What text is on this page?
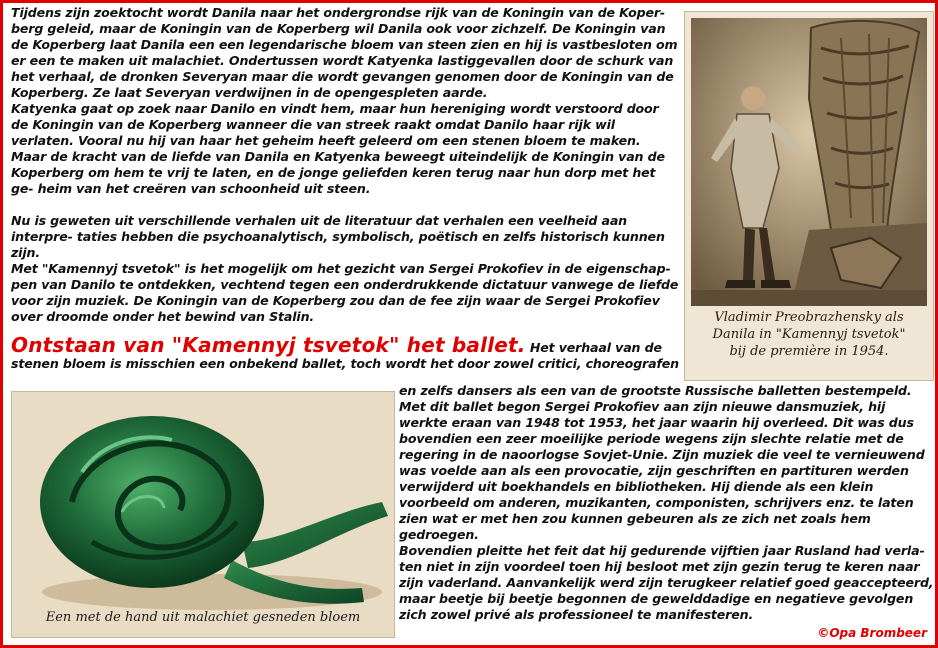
Tijdens zijn zoektocht wordt Danila naar het ondergrondse rijk van de Koningin van de Koper- berg geleid, maar de Koningin van de Koperberg wil Danila ook voor zichzelf. De Koningin van de Koperberg laat Danila een een legendarische bloem van steen zien en hij is vastbesloten om er een te maken uit malachiet. Ondertussen wordt Katyenka lastiggevallen door de schurk van het verhaal, de dronken Severyan maar die wordt gevangen genomen door de Koningin van de Koperberg. Ze laat Severyan verdwijnen in de opengespleten aarde.

Katyenka gaat op zoek naar Danilo en vindt hem, maar hun hereniging wordt verstoord door de Koningin van de Koperberg wanneer die van streek raakt omdat Danilo haar rijk wil verlaten. Vooral nu hij van haar het geheim heeft geleerd om een stenen bloem te maken.

Maar de kracht van de liefde van Danila en Katyenka beweegt uiteindelijk de Koningin van de Koperberg om hem te vrij te laten, en de jonge geliefden keren terug naar hun dorp met het ge- heim van het creëren van schoonheid uit steen.

Nu is geweten uit verschillende verhalen uit de literatuur dat verhalen een veelheid aan interpre- taties hebben die psychoanalytisch, symbolisch, poëtisch en zelfs historisch kunnen zijn.

Met "Kamennyj tsvetok" is het mogelijk om het gezicht van Sergei Prokofiev in de eigenschap- pen van Danilo te ontdekken, vechtend tegen een onderdrukkende dictatuur vanwege de liefde voor zijn muziek. De Koningin van de Koperberg zou dan de fee zijn waar de Sergei Prokofiev over droomde onder het bewind van Stalin.

Ontstaan van "Kamennyj tsvetok" het ballet. Het verhaal van de stenen bloem is misschien een onbekend ballet, toch wordt het door zowel critici, choreografen

en zelfs dansers als een van de grootste Russische balletten bestempeld. Met dit ballet begon Sergei Prokofiev aan zijn nieuwe dansmuziek, hij werkte eraan van 1948 tot 1953, het jaar waarin hij overleed. Dit was dus bovendien een zeer moeilijke periode wegens zijn slechte relatie met de regering in de naoorlogse Sovjet-Unie. Zijn muziek die veel te vernieuwend was voelde aan als een provocatie, zijn geschriften en partituren werden verwijderd uit boekhandels en bibliotheken. Hij diende als een klein voorbeeld om anderen, muzikanten, componisten, schrijvers enz. te laten zien wat er met hen zou kunnen gebeuren als ze zich net zoals hem gedroegen.

Bovendien pleitte het feit dat hij gedurende vijftien jaar Rusland had verla- ten niet in zijn voordeel toen hij besloot met zijn gezin terug te keren naar zijn vaderland. Aanvankelijk werd zijn terugkeer relatief goed geaccepteerd, maar beetje bij beetje begonnen de gewelddadige en negatieve gevolgen zich zowel privé als professioneel te manifesteren.

Vladimir Preobrazhensky als
Danila in "Kamennyj tsvetok"
bij de première in 1954.
Een met de hand uit malachiet gesneden bloem
©Opa Brombeer
